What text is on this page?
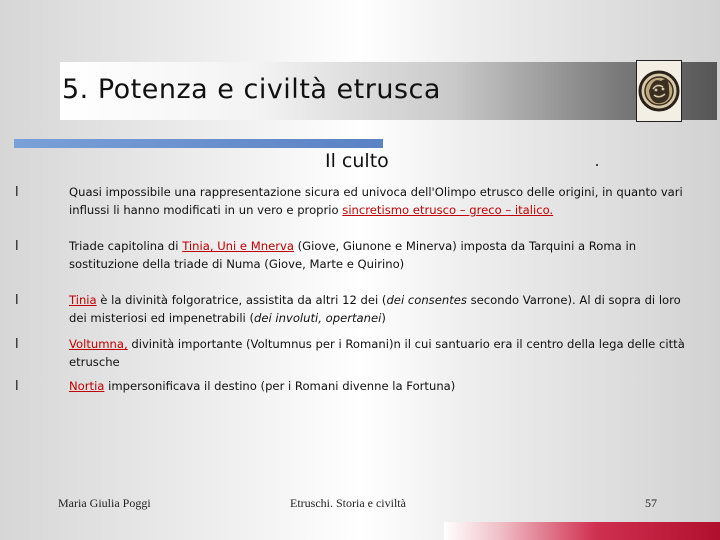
5. Potenza e civiltà etrusca
Il culto
l	Quasi impossibile una rappresentazione sicura ed univoca dell'Olimpo etrusco delle origini, in quanto vari influssi li hanno modificati in un vero e proprio sincretismo etrusco – greco – italico.
l	Triade capitolina di Tinia, Uni e Mnerva (Giove, Giunone e Minerva) imposta da Tarquini a Roma in sostituzione della triade di Numa (Giove, Marte e Quirino)
l	Tinia è la divinità folgoratrice, assistita da altri 12 dei (dei consentes secondo Varrone). Al di sopra di loro dei misteriosi ed impenetrabili (dei involuti, opertanei)
l	Voltumna, divinità importante (Voltumnus per i Romani)n il cui santuario era il centro della lega delle città etrusche
l	Nortia impersonificava il destino (per i Romani divenne la Fortuna)
Maria Giulia Poggi	Etruschi. Storia e civiltà	57
